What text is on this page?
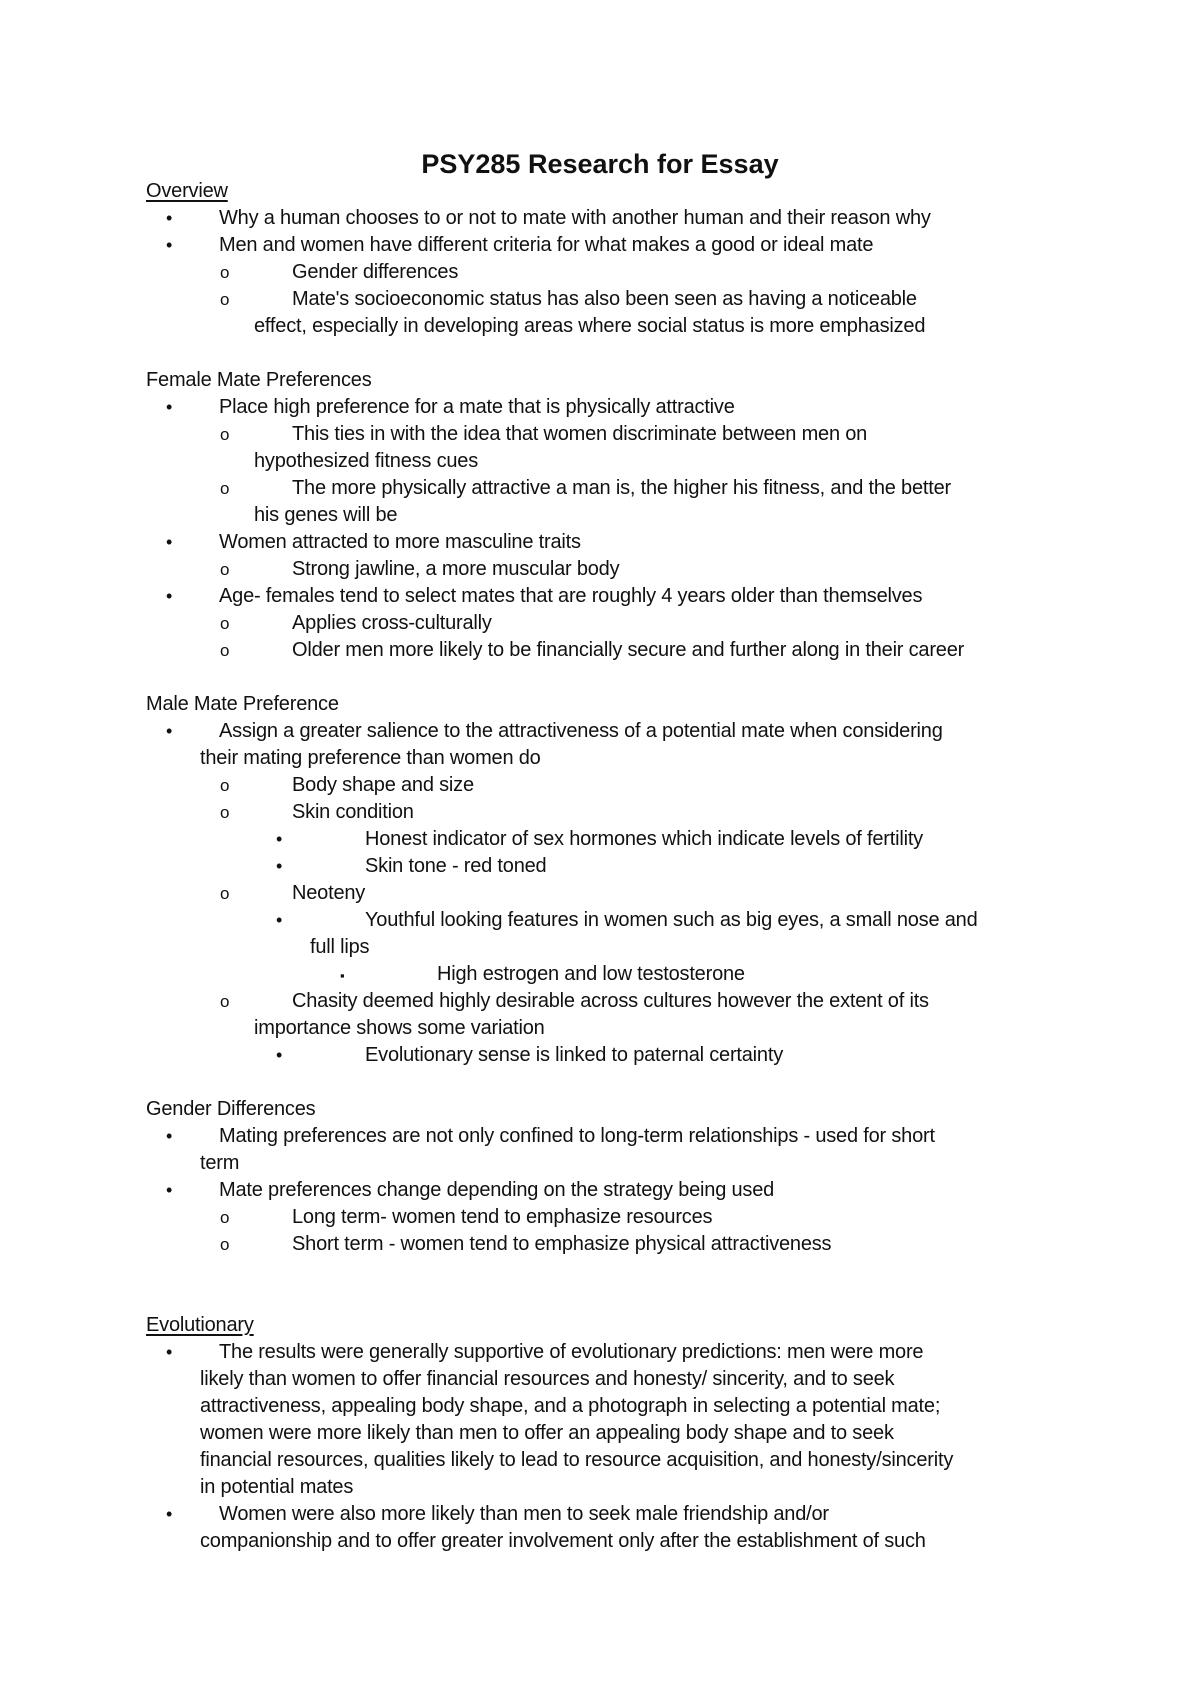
PSY285 Research for Essay
Overview
•
Why a human chooses to or not to mate with another human and their reason why
•
Men and women have different criteria for what makes a good or ideal mate
o
Gender differences
o
Mate's socioeconomic status has also been seen as having a noticeable
effect, especially in developing areas where social status is more emphasized
Female Mate Preferences
•
Place high preference for a mate that is physically attractive
o
This ties in with the idea that women discriminate between men on
hypothesized fitness cues
o
The more physically attractive a man is, the higher his fitness, and the better
his genes will be
•
Women attracted to more masculine traits
o
Strong jawline, a more muscular body
•
Age- females tend to select mates that are roughly 4 years older than themselves
o
Applies cross-culturally
o
Older men more likely to be financially secure and further along in their career
Male Mate Preference
•
Assign a greater salience to the attractiveness of a potential mate when considering
their mating preference than women do
o
Body shape and size
o
Skin condition
•
Honest indicator of sex hormones which indicate levels of fertility
•
Skin tone - red toned
o
Neoteny
•
Youthful looking features in women such as big eyes, a small nose and
full lips
▪
High estrogen and low testosterone
o
Chasity deemed highly desirable across cultures however the extent of its
importance shows some variation
•
Evolutionary sense is linked to paternal certainty
Gender Differences
•
Mating preferences are not only confined to long-term relationships - used for short
term
•
Mate preferences change depending on the strategy being used
o
Long term- women tend to emphasize resources
o
Short term - women tend to emphasize physical attractiveness
Evolutionary
•
The results were generally supportive of evolutionary predictions: men were more
likely than women to offer financial resources and honesty/ sincerity, and to seek
attractiveness, appealing body shape, and a photograph in selecting a potential mate;
women were more likely than men to offer an appealing body shape and to seek
financial resources, qualities likely to lead to resource acquisition, and honesty/sincerity
in potential mates
•
Women were also more likely than men to seek male friendship and/or
companionship and to offer greater involvement only after the establishment of such
